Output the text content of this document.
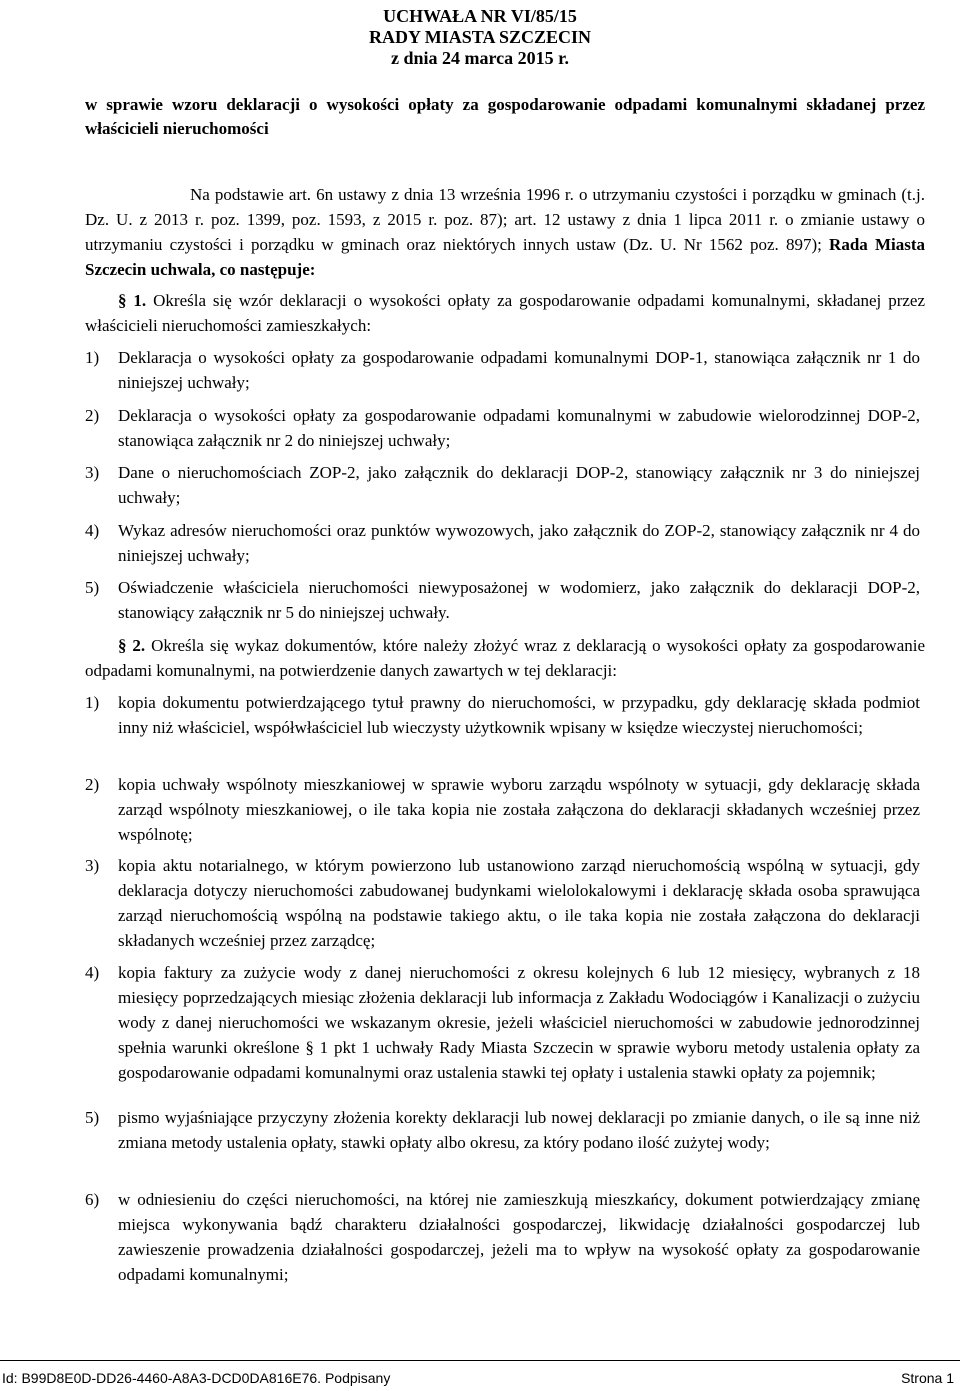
UCHWAŁA NR VI/85/15
RADY MIASTA SZCZECIN
z dnia 24 marca 2015 r.
w sprawie wzoru deklaracji o wysokości opłaty za gospodarowanie odpadami komunalnymi składanej przez właścicieli nieruchomości
Na podstawie art. 6n ustawy z dnia 13 września 1996 r. o utrzymaniu czystości i porządku w gminach (t.j. Dz. U. z 2013 r. poz. 1399, poz. 1593, z 2015 r. poz. 87); art. 12 ustawy z dnia 1 lipca 2011 r. o zmianie ustawy o utrzymaniu czystości i porządku w gminach oraz niektórych innych ustaw (Dz. U. Nr 1562 poz. 897); Rada Miasta Szczecin uchwala, co następuje:
§ 1. Określa się wzór deklaracji o wysokości opłaty za gospodarowanie odpadami komunalnymi, składanej przez właścicieli nieruchomości zamieszkałych:
1)	Deklaracja o wysokości opłaty za gospodarowanie odpadami komunalnymi DOP-1, stanowiąca załącznik nr 1 do niniejszej uchwały;
2)	Deklaracja o wysokości opłaty za gospodarowanie odpadami komunalnymi w zabudowie wielorodzinnej DOP-2, stanowiąca załącznik nr 2 do niniejszej uchwały;
3)	Dane o nieruchomościach ZOP-2, jako załącznik do deklaracji DOP-2, stanowiący załącznik nr 3 do niniejszej uchwały;
4)	Wykaz adresów nieruchomości oraz punktów wywozowych, jako załącznik do ZOP-2, stanowiący załącznik nr 4 do niniejszej uchwały;
5)	Oświadczenie właściciela nieruchomości niewyposażonej w wodomierz, jako załącznik do deklaracji DOP-2, stanowiący załącznik nr 5 do niniejszej uchwały.
§ 2. Określa się wykaz dokumentów, które należy złożyć wraz z deklaracją o wysokości opłaty za gospodarowanie odpadami komunalnymi, na potwierdzenie danych zawartych w tej deklaracji:
1)	kopia dokumentu potwierdzającego tytuł prawny do nieruchomości, w przypadku, gdy deklarację składa podmiot inny niż właściciel, współwłaściciel lub wieczysty użytkownik wpisany w księdze wieczystej nieruchomości;
2)	kopia uchwały wspólnoty mieszkaniowej w sprawie wyboru zarządu wspólnoty w sytuacji, gdy deklarację składa zarząd wspólnoty mieszkaniowej, o ile taka kopia nie została załączona do deklaracji składanych wcześniej przez wspólnotę;
3)	kopia aktu notarialnego, w którym powierzono lub ustanowiono zarząd nieruchomością wspólną w sytuacji, gdy deklaracja dotyczy nieruchomości zabudowanej budynkami wielolokalowymi i deklarację składa osoba sprawująca zarząd nieruchomością wspólną na podstawie takiego aktu, o ile taka kopia nie została załączona do deklaracji składanych wcześniej przez zarządcę;
4)	kopia faktury za zużycie wody z danej nieruchomości z okresu kolejnych 6 lub 12 miesięcy, wybranych z 18 miesięcy poprzedzających miesiąc złożenia deklaracji lub informacja z Zakładu Wodociągów i Kanalizacji o zużyciu wody z danej nieruchomości we wskazanym okresie, jeżeli właściciel nieruchomości w zabudowie jednorodzinnej spełnia warunki określone § 1 pkt 1 uchwały Rady Miasta Szczecin w sprawie wyboru metody ustalenia opłaty za gospodarowanie odpadami komunalnymi oraz ustalenia stawki tej opłaty i ustalenia stawki opłaty za pojemnik;
5)	pismo wyjaśniające przyczyny złożenia korekty deklaracji lub nowej deklaracji po zmianie danych, o ile są inne niż zmiana metody ustalenia opłaty, stawki opłaty albo okresu, za który podano ilość zużytej wody;
6)	w odniesieniu do części nieruchomości, na której nie zamieszkują mieszkańcy, dokument potwierdzający zmianę miejsca wykonywania bądź charakteru działalności gospodarczej, likwidację działalności gospodarczej lub zawieszenie prowadzenia działalności gospodarczej, jeżeli ma to wpływ na wysokość opłaty za gospodarowanie odpadami komunalnymi;
Id: B99D8E0D-DD26-4460-A8A3-DCD0DA816E76. Podpisany	Strona 1
